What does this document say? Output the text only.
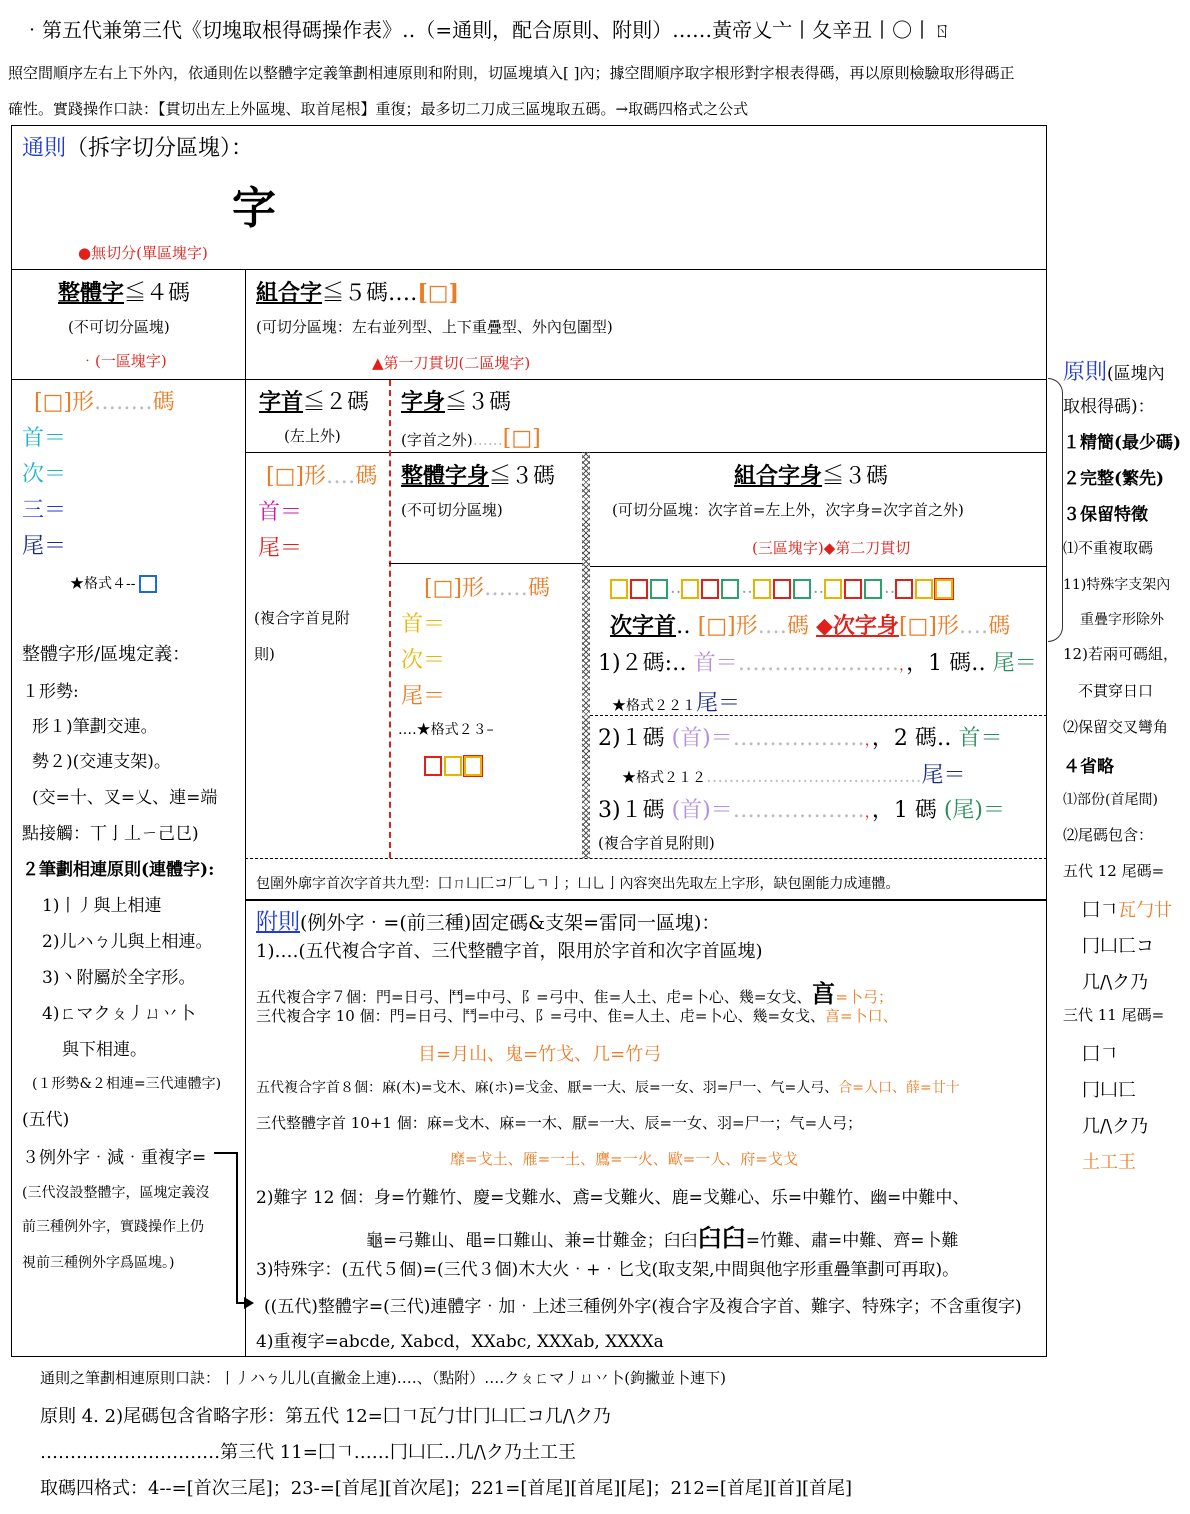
‧第五代兼第三代《切塊取根得碼操作表》‥（=通則，配合原則、附則）‥‥‥黃帝乂亠丨夂辛丑丨〇丨ㄖ
照空間順序左右上下外內，依通則佐以整體字定義筆劃相連原則和附則，切區塊填入[ ]內；據空間順序取字根形對字根表得碼，再以原則檢驗取形得碼正
確性。實踐操作口訣：【貫切出左上外區塊、取首尾根】重復；最多切二刀成三區塊取五碼。→取碼四格式之公式
通則（拆字切分區塊）：
字
●無切分(單區塊字)
整體字≦４碼
(不可切分區塊)
‧(一區塊字)
組合字≦５碼‥‥[□]
(可切分區塊：左右並列型、上下重疊型、外內包圍型)
▲第一刀貫切(二區塊字)
[□]形‥‥‥‥碼
首＝
次＝
三＝
尾＝
★格式４--
整體字形/區塊定義：
１形勢:
形１)筆劃交連。
勢２)(交連支架)。
(交=十、叉=乂、連=端
點接觸：丅亅丄ㄧ己㔾)
２筆劃相連原則(連體字):
1)丨丿與上相連
2)儿ハㄅ儿與上相連。
3)丶附屬於全字形。
4)ㄈマクㄆ丿ㄩ丷卜
與下相連。
(１形勢&２相連=三代連體字)
(五代)
３例外字‧減‧重複字=
(三代沒設整體字，區塊定義沒
前三種例外字，實踐操作上仍
視前三種例外字爲區塊。)
字首≦２碼
(左上外)
字身≦３碼
(字首之外)‥‥‥[□]
[□]形‥‥碼
首＝
尾＝
(複合字首見附
則)
整體字身≦３碼
(不可切分區塊)
[□]形‥‥‥碼
首＝
次＝
尾＝
‥‥★格式２３–
組合字身≦３碼
(可切分區塊：次字首=左上外，次字身=次字首之外)
(三區塊字)◆第二刀貫切
‥	‥	‥	‥
次字首‥ [□]形‥‥碼 ◆次字身[□]形‥‥碼
1)２碼:‥ 首＝‥‥‥‥‥‥‥‥‥‥‥，，1 碼‥ 尾＝
★格式２２１尾＝
2)１碼 (首)＝‥‥‥‥‥‥‥‥‥，，2 碼‥ 首＝
★格式２１２‥‥‥‥‥‥‥‥‥‥‥‥‥‥‥‥‥‥‥尾＝
3)１碼 (首)＝‥‥‥‥‥‥‥‥‥，，1 碼 (尾)＝
(複合字首見附則)
包圍外廓字首次字首共九型：囗ㄇ凵匚コ厂乚ㄱ亅；凵乚亅內容突出先取左上字形，缺包圍能力成連體。
附則(例外字‧=(前三種)固定碼&支架=雷同一區塊)：
1)‥‥(五代複合字首、三代整體字首，限用於字首和次字首區塊)
五代複合字７個：門=日弓、鬥=中弓、阝=弓中、隹=人土、虍=卜心、幾=女戈、亯=卜弓；
三代複合字 10 個：門=日弓、鬥=中弓、阝=弓中、隹=人土、虍=卜心、幾=女戈、亯=卜口、
目=月山、鬼=竹戈、几=竹弓
五代複合字首８個：麻(木)=戈木、麻(ホ)=戈金、厭=一大、辰=一女、羽=尸一、气=人弓、合=人口、薛=廿十
三代整體字首 10+1 個：麻=戈木、麻=一木、厭=一大、辰=一女、羽=尸一；气=人弓；
靡=戈土、雁=一土、鷹=一火、歐=一人、府=戈戈
2)難字 12 個：身=竹難竹、慶=戈難水、鳶=戈難火、鹿=戈難心、乐=中難竹、幽=中難中、
龜=弓難山、黽=口難山、兼=廿難金；臼臼臼臼=竹難、肅=中難、齊=卜難
3)特殊字：(五代５個)=(三代３個)木大火‧+‧匕戈(取支架,中間與他字形重疊筆劃可再取)。
((五代)整體字=(三代)連體字‧加‧上述三種例外字(複合字及複合字首、難字、特殊字；不含重復字)
4)重複字=abcde, Xabcd，XXabc, XXXab, XXXXa
原則(區塊內
取根得碼)：
１精簡(最少碼)
２完整(繁先)
３保留特徵
⑴不重複取碼
11)特殊字支架內
重疊字形除外
12)若兩可碼組，
不貫穿日口
⑵保留交叉彎角
４省略
⑴部份(首尾間)
⑵尾碼包含：
五代 12 尾碼=
囗𠃍瓦勹廿
冂凵匸コ
几/\ク乃
三代 11 尾碼=
囗𠃍
冂凵匸
几/\ク乃
土工王
通則之筆劃相連原則口訣：丨丿ハㄅ儿儿(直撇金上連)‥‥、（點附）‥‥クㄆㄈマ丿ㄩ丷卜(鉤撇並卜連下)
原則 4. 2)尾碼包含省略字形：第五代 12=囗𠃍瓦勹廿冂凵匸コ几/\ク乃
‥‥‥‥‥‥‥‥‥‥‥‥‥‥‥第三代 11=囗𠃍‥‥‥冂凵匸‥几/\ク乃土工王
取碼四格式：4--=[首次三尾]；23-=[首尾][首次尾]；221=[首尾][首尾][尾]；212=[首尾][首][首尾]
